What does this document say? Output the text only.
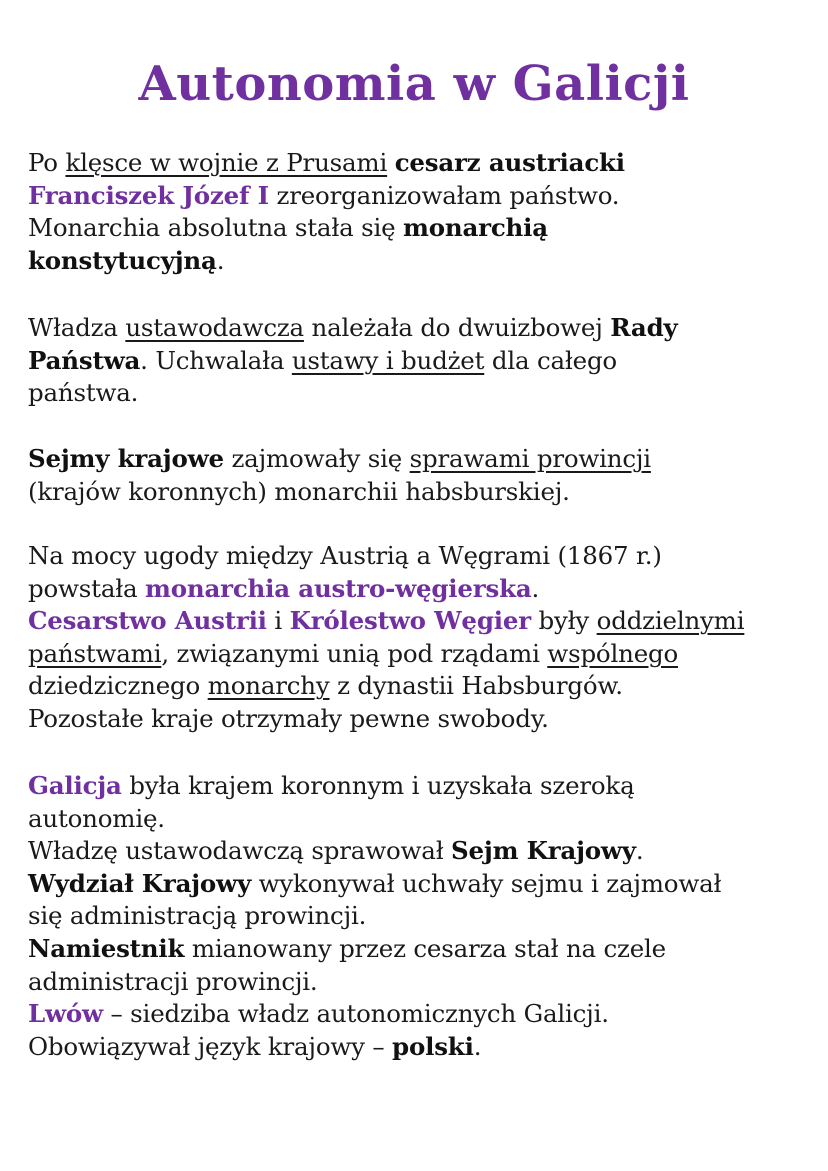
Autonomia w Galicji
Po klęsce w wojnie z Prusami cesarz austriacki
Franciszek Józef I zreorganizowałam państwo.
Monarchia absolutna stała się monarchią
konstytucyjną.
Władza ustawodawcza należała do dwuizbowej Rady
Państwa. Uchwalała ustawy i budżet dla całego
państwa.
Sejmy krajowe zajmowały się sprawami prowincji
(krajów koronnych) monarchii habsburskiej.
Na mocy ugody między Austrią a Węgrami (1867 r.)
powstała monarchia austro-węgierska.
Cesarstwo Austrii i Królestwo Węgier były oddzielnymi
państwami, związanymi unią pod rządami wspólnego
dziedzicznego monarchy z dynastii Habsburgów.
Pozostałe kraje otrzymały pewne swobody.
Galicja była krajem koronnym i uzyskała szeroką
autonomię.
Władzę ustawodawczą sprawował Sejm Krajowy.
Wydział Krajowy wykonywał uchwały sejmu i zajmował
się administracją prowincji.
Namiestnik mianowany przez cesarza stał na czele
administracji prowincji.
Lwów – siedziba władz autonomicznych Galicji.
Obowiązywał język krajowy – polski.
